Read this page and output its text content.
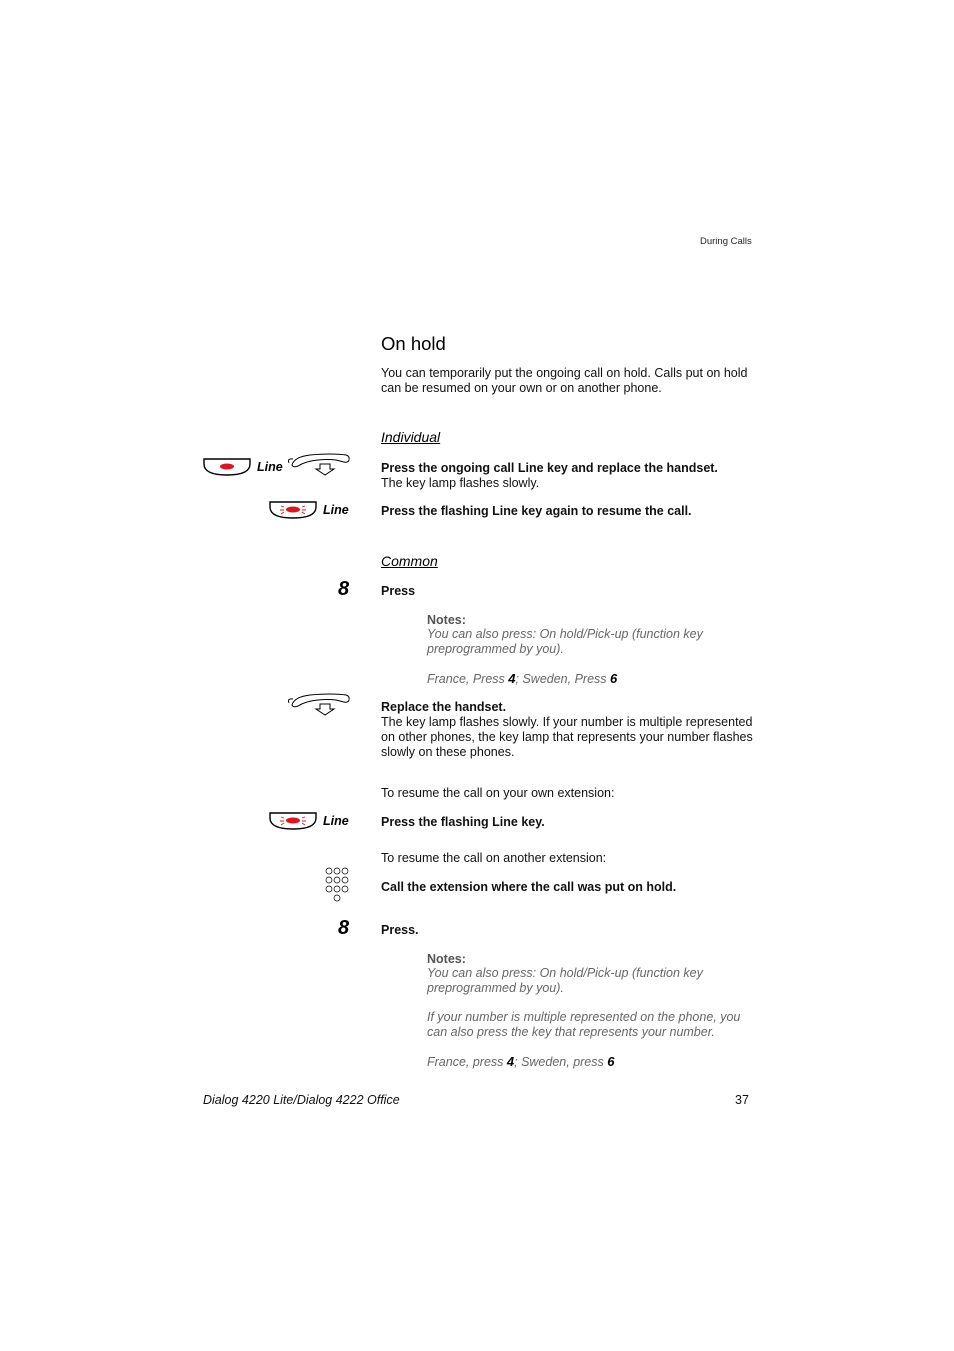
During Calls
On hold
You can temporarily put the ongoing call on hold. Calls put on hold
can be resumed on your own or on another phone.
Individual
Line	Press the ongoing call Line key and replace the handset.
The key lamp flashes slowly.
Line	Press the flashing Line key again to resume the call.
Common
8	Press
Notes:
You can also press: On hold/Pick-up (function key
preprogrammed by you).
France, Press 4; Sweden, Press 6
Replace the handset.
The key lamp flashes slowly. If your number is multiple represented
on other phones, the key lamp that represents your number flashes
slowly on these phones.
To resume the call on your own extension:
Line	Press the flashing Line key.
To resume the call on another extension:
Call the extension where the call was put on hold.
8	Press.
Notes:
You can also press: On hold/Pick-up (function key
preprogrammed by you).
If your number is multiple represented on the phone, you
can also press the key that represents your number.
France, press 4; Sweden, press 6
Dialog 4220 Lite/Dialog 4222 Office	37
